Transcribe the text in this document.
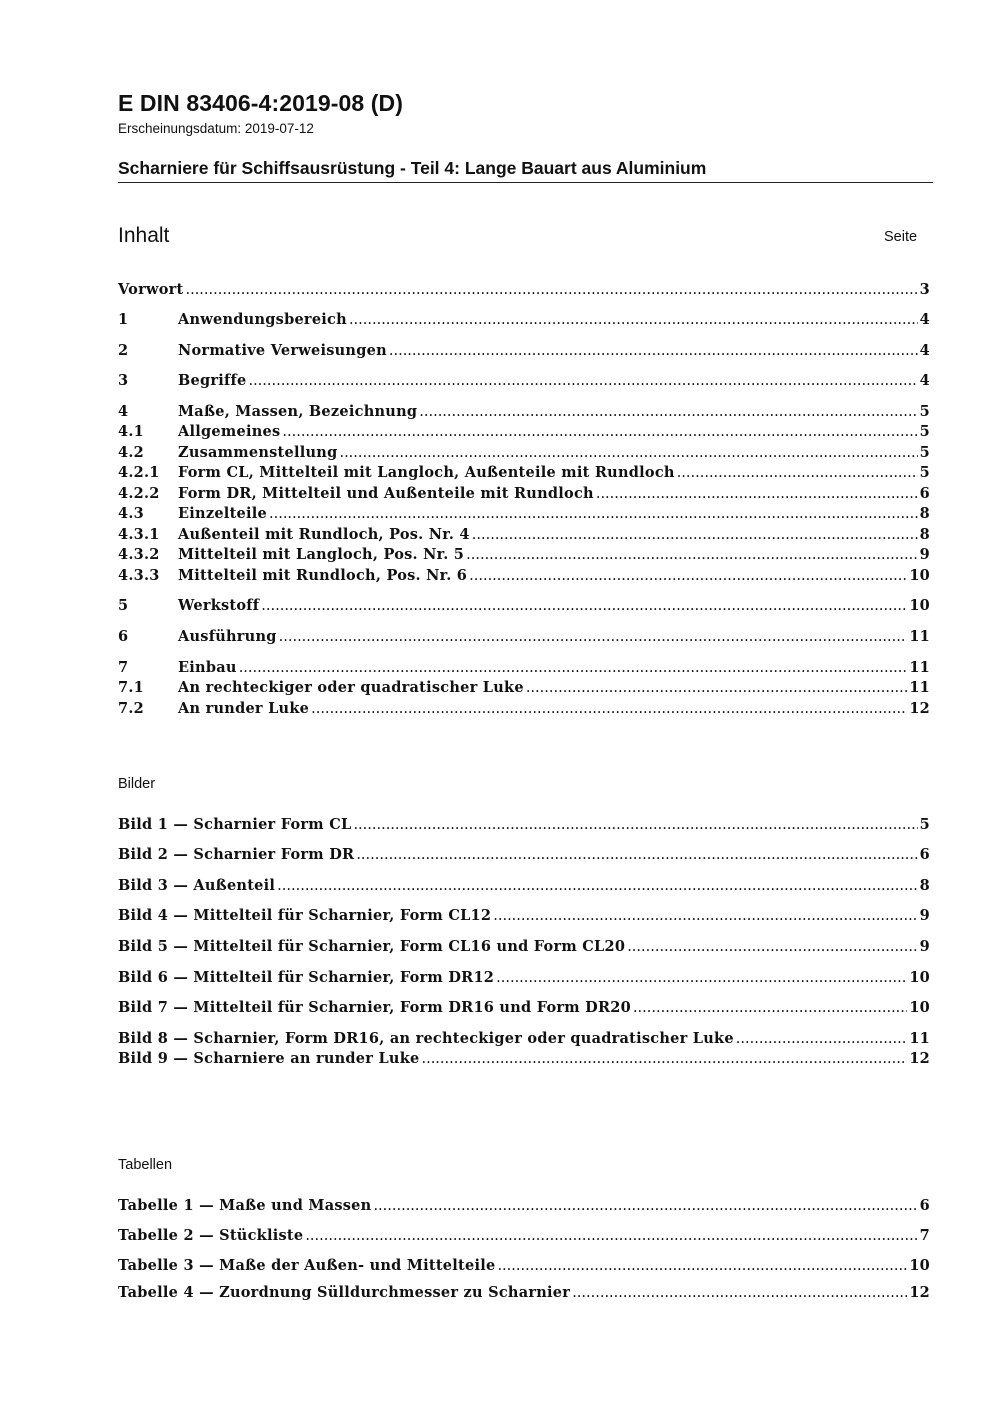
E DIN 83406-4:2019-08 (D)
Erscheinungsdatum: 2019-07-12
Scharniere für Schiffsausrüstung - Teil 4: Lange Bauart aus Aluminium
Inhalt	Seite
Vorwort .....	3
1	Anwendungsbereich .....	4
2	Normative Verweisungen .....	4
3	Begriffe .....	4
4	Maße, Massen, Bezeichnung .....	5
4.1	Allgemeines .....	5
4.2	Zusammenstellung .....	5
4.2.1	Form CL, Mittelteil mit Langloch, Außenteile mit Rundloch .....	5
4.2.2	Form DR, Mittelteil und Außenteile mit Rundloch .....	6
4.3	Einzelteile .....	8
4.3.1	Außenteil mit Rundloch, Pos. Nr. 4 .....	8
4.3.2	Mittelteil mit Langloch, Pos. Nr. 5 .....	9
4.3.3	Mittelteil mit Rundloch, Pos. Nr. 6 .....	10
5	Werkstoff .....	10
6	Ausführung .....	11
7	Einbau .....	11
7.1	An rechteckiger oder quadratischer Luke .....	11
7.2	An runder Luke .....	12
Bilder
Bild 1 — Scharnier Form CL .....	5
Bild 2 — Scharnier Form DR .....	6
Bild 3 — Außenteil .....	8
Bild 4 — Mittelteil für Scharnier, Form CL12 .....	9
Bild 5 — Mittelteil für Scharnier, Form CL16 und Form CL20 .....	9
Bild 6 — Mittelteil für Scharnier, Form DR12 .....	10
Bild 7 — Mittelteil für Scharnier, Form DR16 und Form DR20 .....	10
Bild 8 — Scharnier, Form DR16, an rechteckiger oder quadratischer Luke .....	11
Bild 9 — Scharniere an runder Luke .....	12
Tabellen
Tabelle 1 — Maße und Massen .....	6
Tabelle 2 — Stückliste .....	7
Tabelle 3 — Maße der Außen- und Mittelteile .....	10
Tabelle 4 — Zuordnung Sülldurchmesser zu Scharnier .....	12
